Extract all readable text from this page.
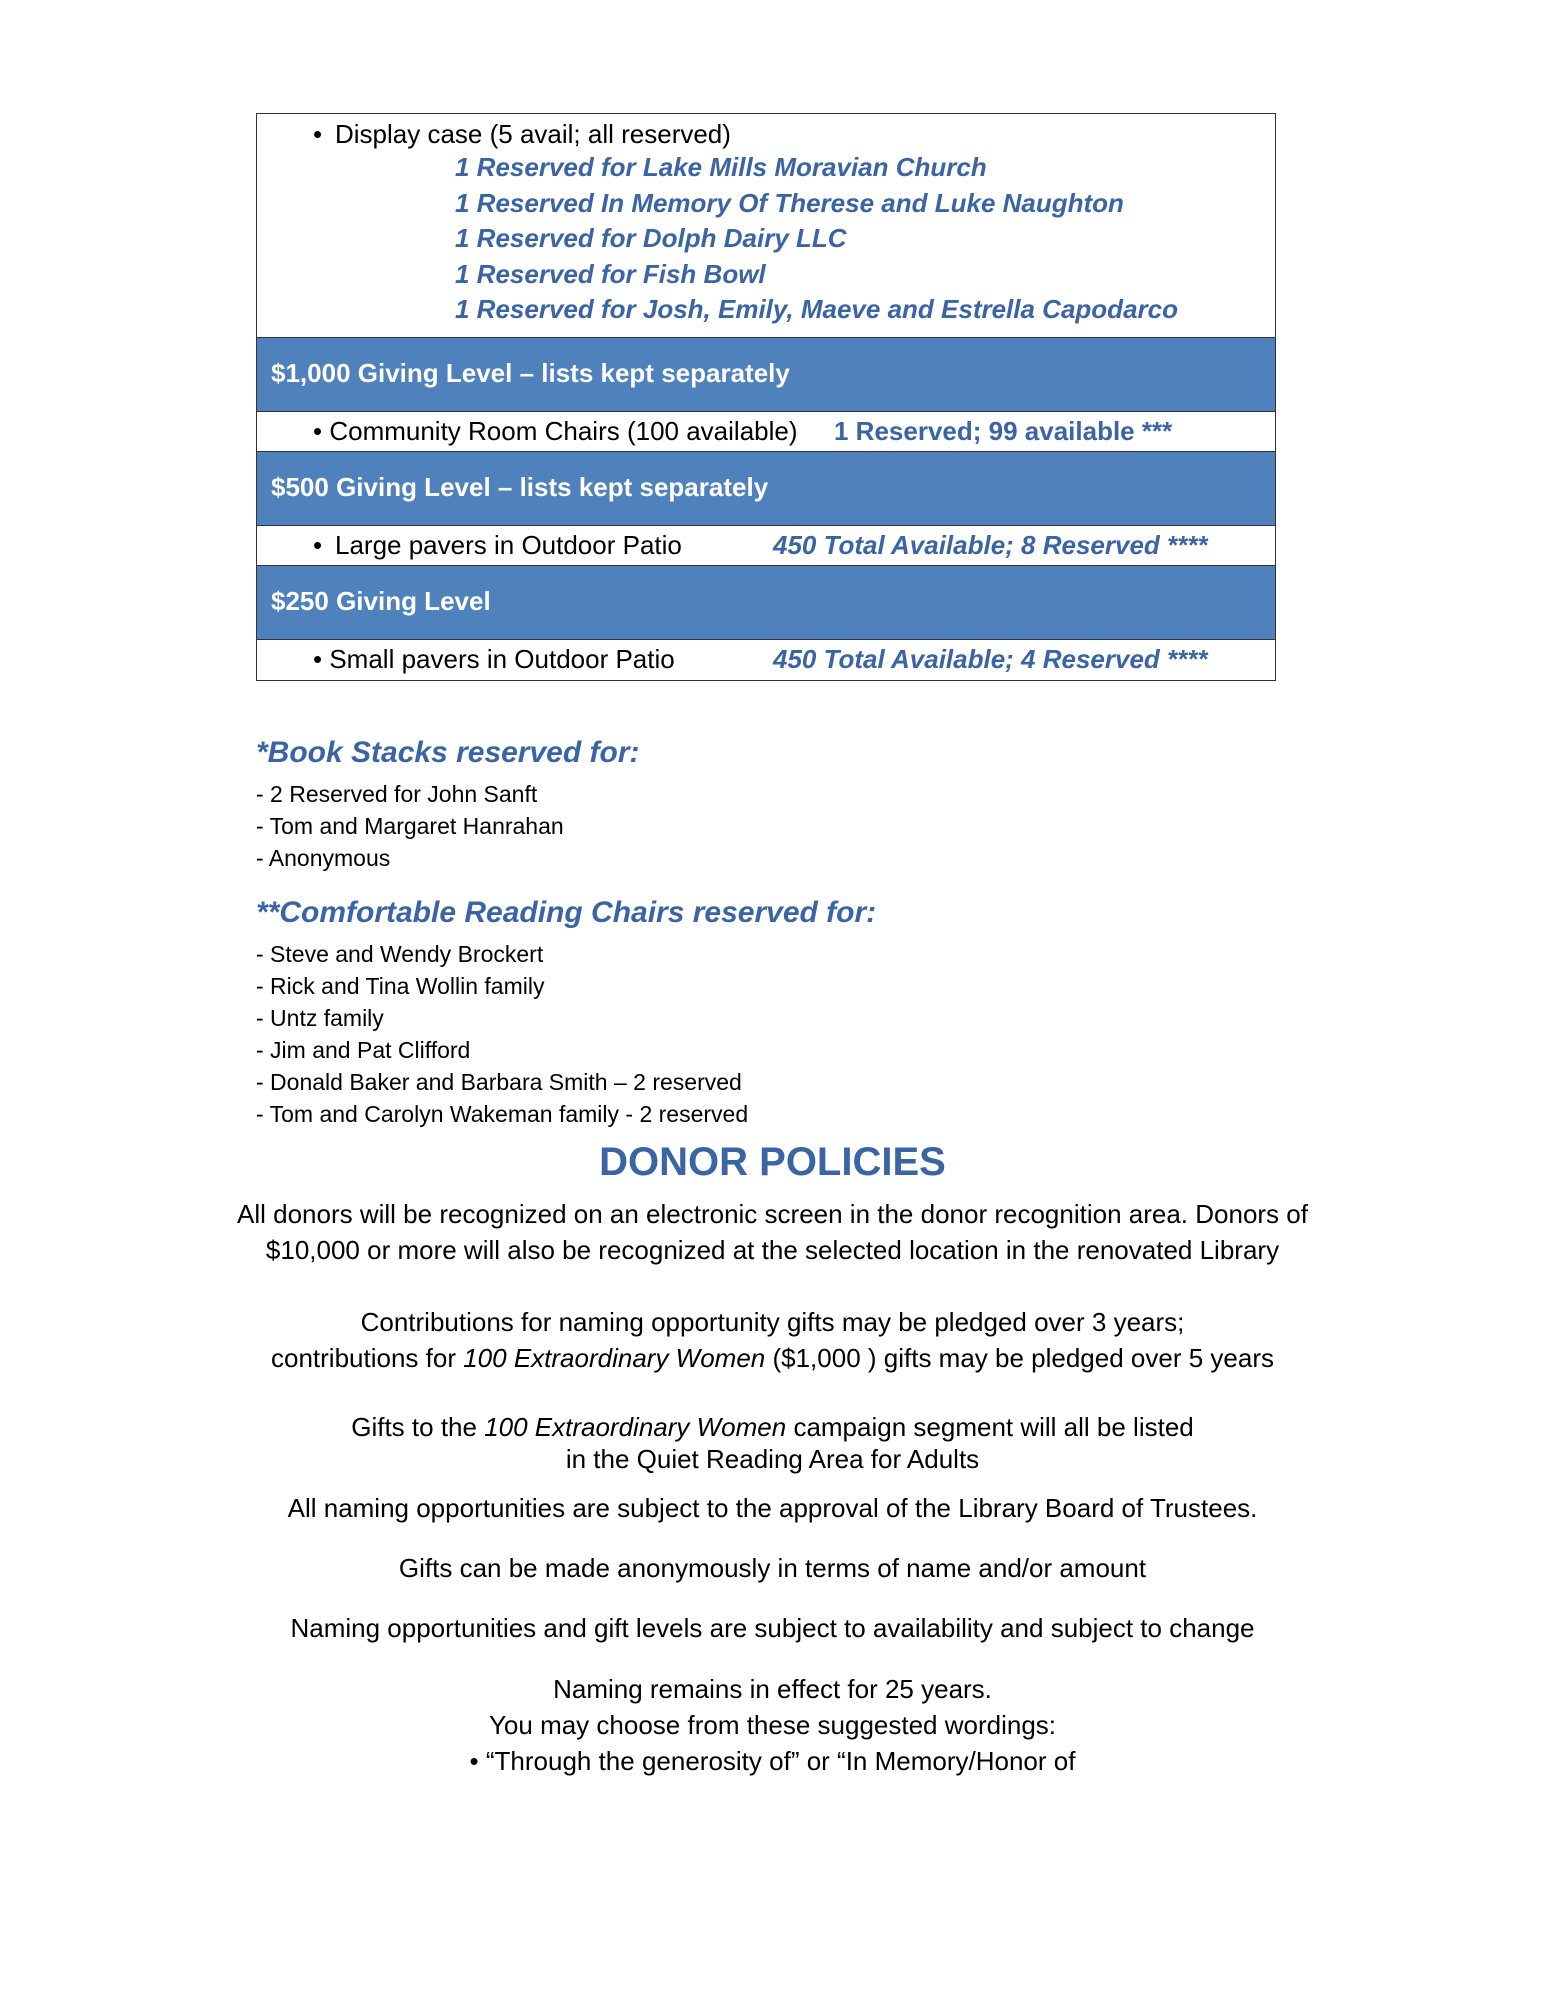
• Display case (5 avail; all reserved)
1 Reserved for Lake Mills Moravian Church
1 Reserved In Memory Of Therese and Luke Naughton
1 Reserved for Dolph Dairy LLC
1 Reserved for Fish Bowl
1 Reserved for Josh, Emily, Maeve and Estrella Capodarco
$1,000 Giving Level – lists kept separately
• Community Room Chairs (100 available) 1 Reserved; 99 available ***
$500 Giving Level – lists kept separately
• Large pavers in Outdoor Patio	450 Total Available; 8 Reserved ****
$250 Giving Level
• Small pavers in Outdoor Patio	450 Total Available; 4 Reserved ****
*Book Stacks reserved for:
- 2 Reserved for John Sanft
- Tom and Margaret Hanrahan
- Anonymous
**Comfortable Reading Chairs reserved for:
- Steve and Wendy Brockert
- Rick and Tina Wollin family
- Untz family
- Jim and Pat Clifford
- Donald Baker and Barbara Smith – 2 reserved
- Tom and Carolyn Wakeman family - 2 reserved
DONOR POLICIES
All donors will be recognized on an electronic screen in the donor recognition area. Donors of
$10,000 or more will also be recognized at the selected location in the renovated Library
Contributions for naming opportunity gifts may be pledged over 3 years;
contributions for 100 Extraordinary Women ($1,000 ) gifts may be pledged over 5 years
Gifts to the 100 Extraordinary Women campaign segment will all be listed
in the Quiet Reading Area for Adults
All naming opportunities are subject to the approval of the Library Board of Trustees.
Gifts can be made anonymously in terms of name and/or amount
Naming opportunities and gift levels are subject to availability and subject to change
Naming remains in effect for 25 years.
You may choose from these suggested wordings:
• “Through the generosity of” or “In Memory/Honor of
